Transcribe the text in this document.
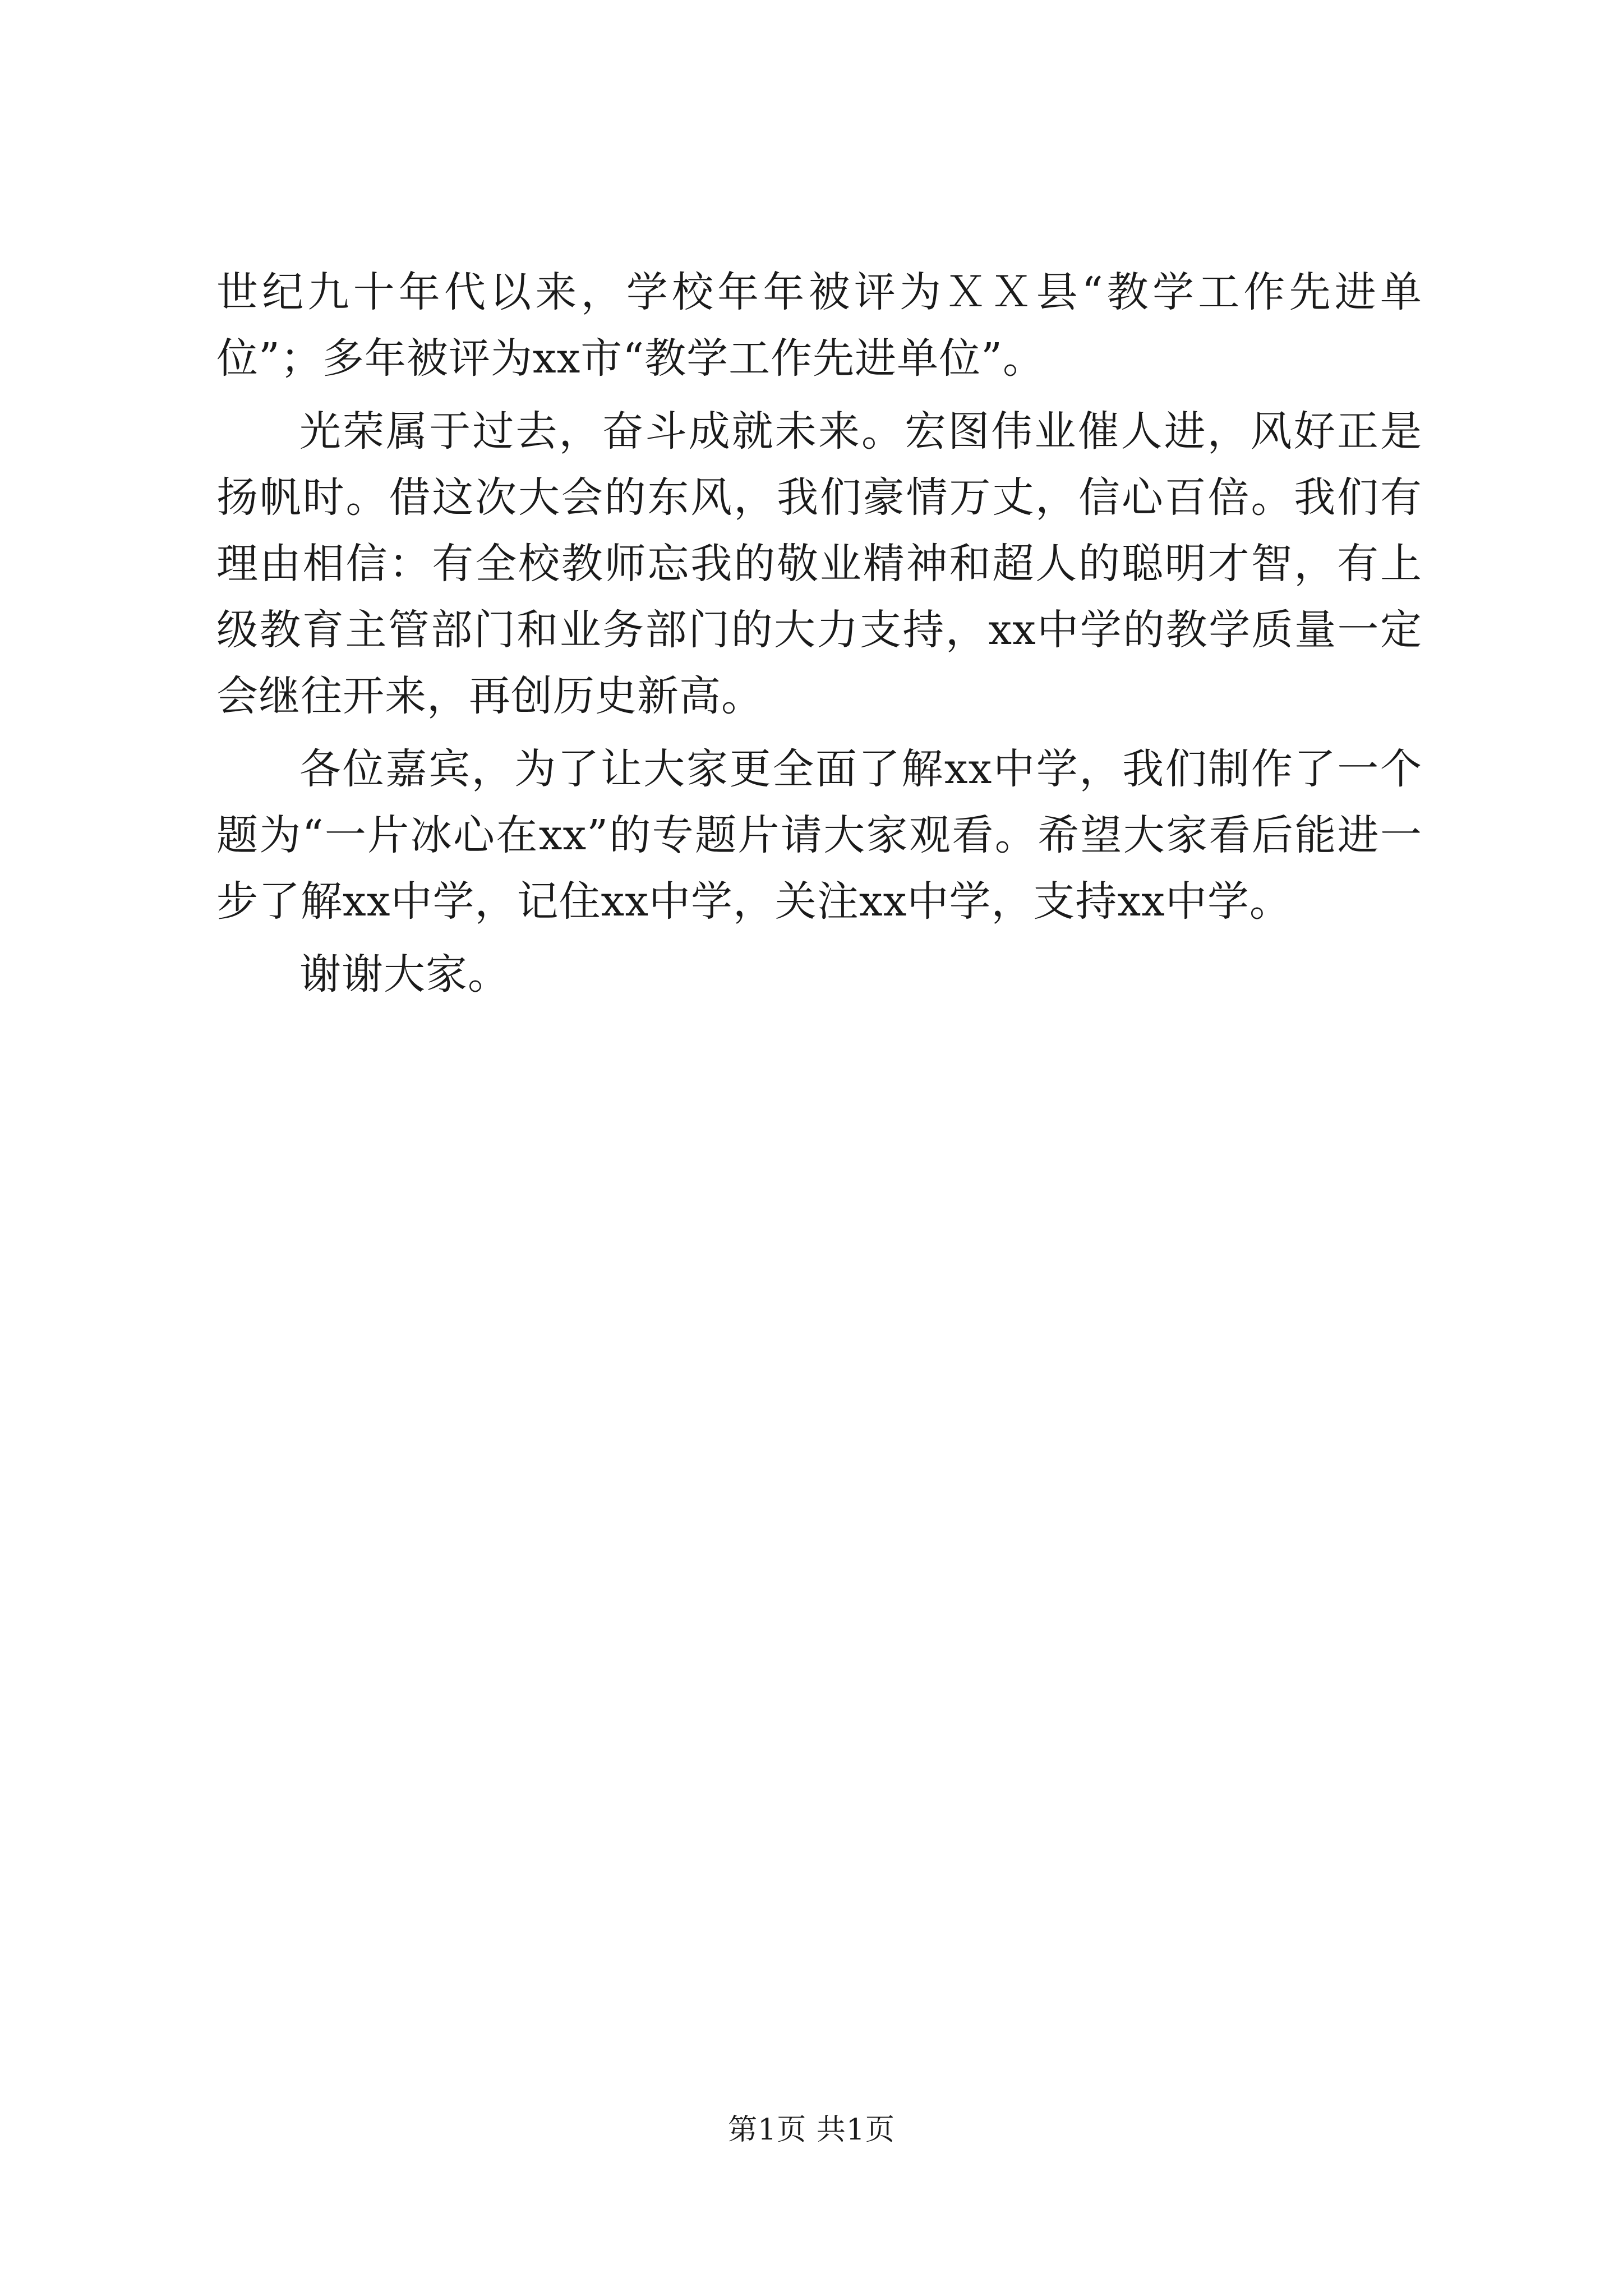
世纪九十年代以来，学校年年被评为ＸＸ县“教学工作先进单位”；多年被评为xx市“教学工作先进单位”。

光荣属于过去，奋斗成就未来。宏图伟业催人进，风好正是扬帆时。借这次大会的东风，我们豪情万丈，信心百倍。我们有理由相信：有全校教师忘我的敬业精神和超人的聪明才智，有上级教育主管部门和业务部门的大力支持，xx中学的教学质量一定会继往开来，再创历史新高。

各位嘉宾，为了让大家更全面了解xx中学，我们制作了一个题为“一片冰心在xx”的专题片请大家观看。希望大家看后能进一步了解xx中学，记住xx中学，关注xx中学，支持xx中学。

谢谢大家。

第1页 共1页
